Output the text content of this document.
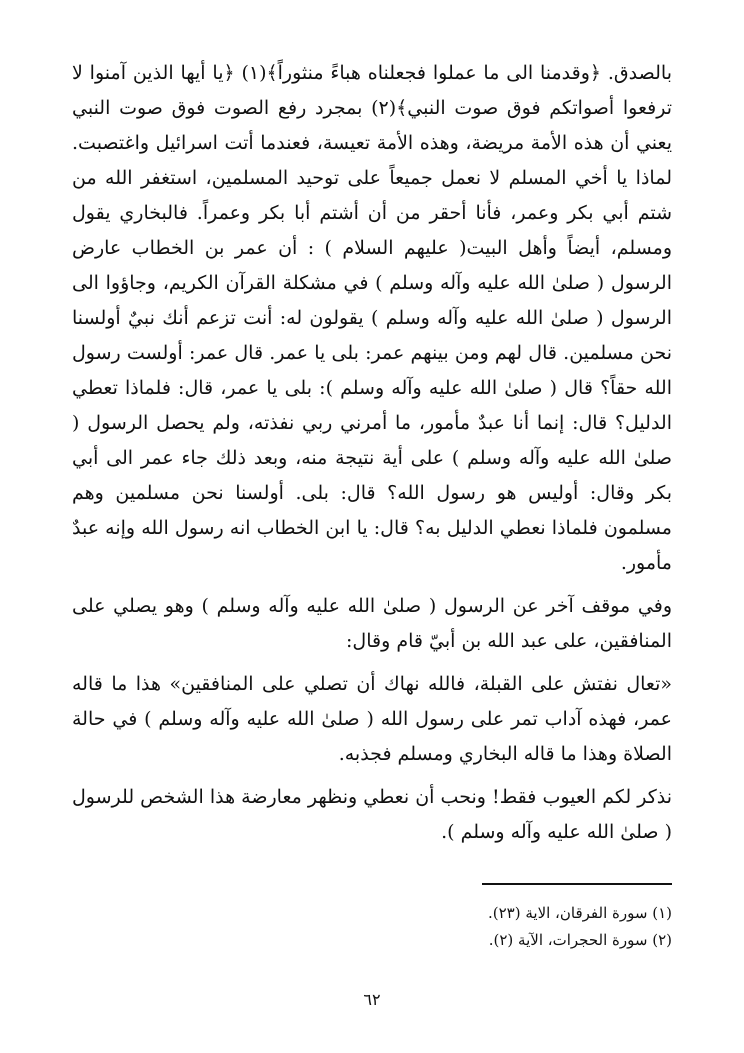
بالصدق. ﴿وقدمنا الى ما عملوا فجعلناه هباءً منثوراً﴾(١) ﴿يا أيها الذين آمنوا لا ترفعوا أصواتكم فوق صوت النبي﴾(٢) بمجرد رفع الصوت فوق صوت النبي يعني أن هذه الأمة مريضة، وهذه الأمة تعيسة، فعندما أتت اسرائيل واغتصبت. لماذا يا أخي المسلم لا نعمل جميعاً على توحيد المسلمين، استغفر الله من شتم أبي بكر وعمر، فأنا أحقر من أن أشتم أبا بكر وعمراً. فالبخاري يقول ومسلم، أيضاً وأهل البيت( عليهم السلام ) : أن عمر بن الخطاب عارض الرسول ( صلىٰ الله عليه وآله وسلم ) في مشكلة القرآن الكريم، وجاؤوا الى الرسول ( صلىٰ الله عليه وآله وسلم ) يقولون له: أنت تزعم أنك نبيٌ أولسنا نحن مسلمين. قال لهم ومن بينهم عمر: بلى يا عمر. قال عمر: أولست رسول الله حقاً؟ قال ( صلىٰ الله عليه وآله وسلم ): بلى يا عمر، قال: فلماذا تعطي الدليل؟ قال: إنما أنا عبدٌ مأمور، ما أمرني ربي نفذته، ولم يحصل الرسول ( صلىٰ الله عليه وآله وسلم ) على أية نتيجة منه، وبعد ذلك جاء عمر الى أبي بكر وقال: أوليس هو رسول الله؟ قال: بلى. أولسنا نحن مسلمين وهم مسلمون فلماذا نعطي الدليل به؟ قال: يا ابن الخطاب انه رسول الله وإنه عبدٌ مأمور.

وفي موقف آخر عن الرسول ( صلىٰ الله عليه وآله وسلم ) وهو يصلي على المنافقين، على عبد الله بن أبيّ قام وقال:

«تعال نفتش على القبلة، فالله نهاك أن تصلي على المنافقين» هذا ما قاله عمر، فهذه آداب تمر على رسول الله ( صلىٰ الله عليه وآله وسلم ) في حالة الصلاة وهذا ما قاله البخاري ومسلم فجذبه.

نذكر لكم العيوب فقط! ونحب أن نعطي ونظهر معارضة هذا الشخص للرسول ( صلىٰ الله عليه وآله وسلم ).

(١) سورة الفرقان، الاية (٢٣).

(٢) سورة الحجرات، الآية (٢).

٦٢
